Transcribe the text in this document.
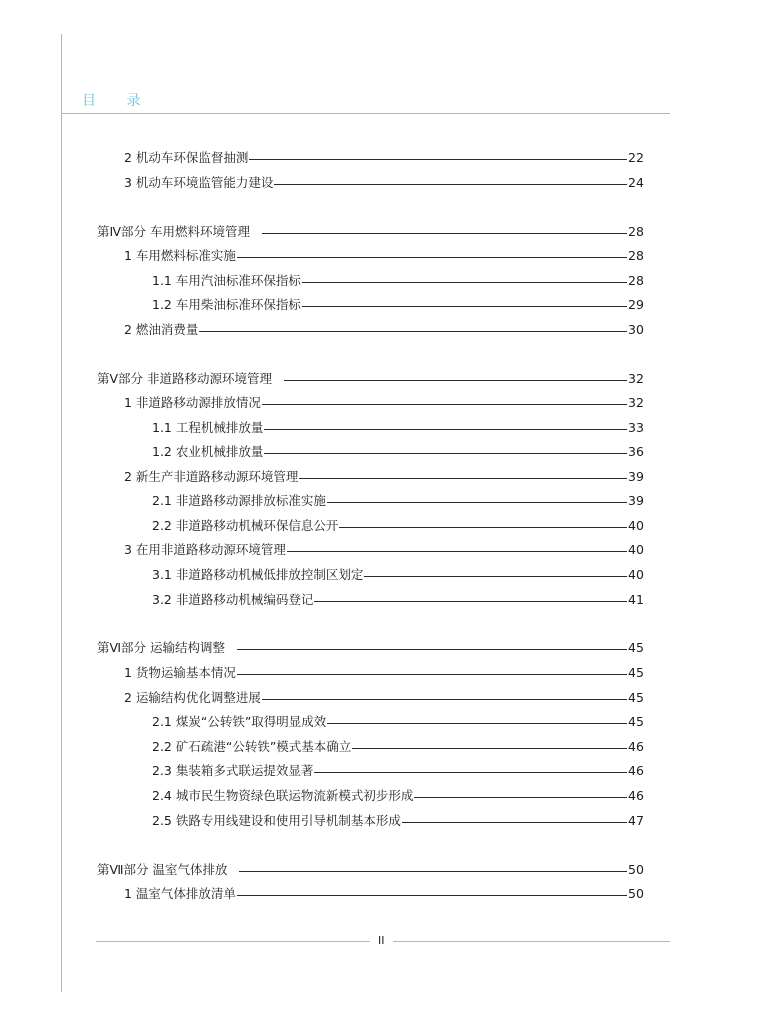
目 录
2 机动车环保监督抽测	22
3 机动车环境监管能力建设	24
第Ⅳ部分 车用燃料环境管理	28
1 车用燃料标准实施	28
1.1 车用汽油标准环保指标	28
1.2 车用柴油标准环保指标	29
2 燃油消费量	30
第Ⅴ部分 非道路移动源环境管理	32
1 非道路移动源排放情况	32
1.1 工程机械排放量	33
1.2 农业机械排放量	36
2 新生产非道路移动源环境管理	39
2.1 非道路移动源排放标准实施	39
2.2 非道路移动机械环保信息公开	40
3 在用非道路移动源环境管理	40
3.1 非道路移动机械低排放控制区划定	40
3.2 非道路移动机械编码登记	41
第Ⅵ部分 运输结构调整	45
1 货物运输基本情况	45
2 运输结构优化调整进展	45
2.1 煤炭“公转铁”取得明显成效	45
2.2 矿石疏港“公转铁”模式基本确立	46
2.3 集装箱多式联运提效显著	46
2.4 城市民生物资绿色联运物流新模式初步形成	46
2.5 铁路专用线建设和使用引导机制基本形成	47
第Ⅶ部分 温室气体排放	50
1 温室气体排放清单	50
II
